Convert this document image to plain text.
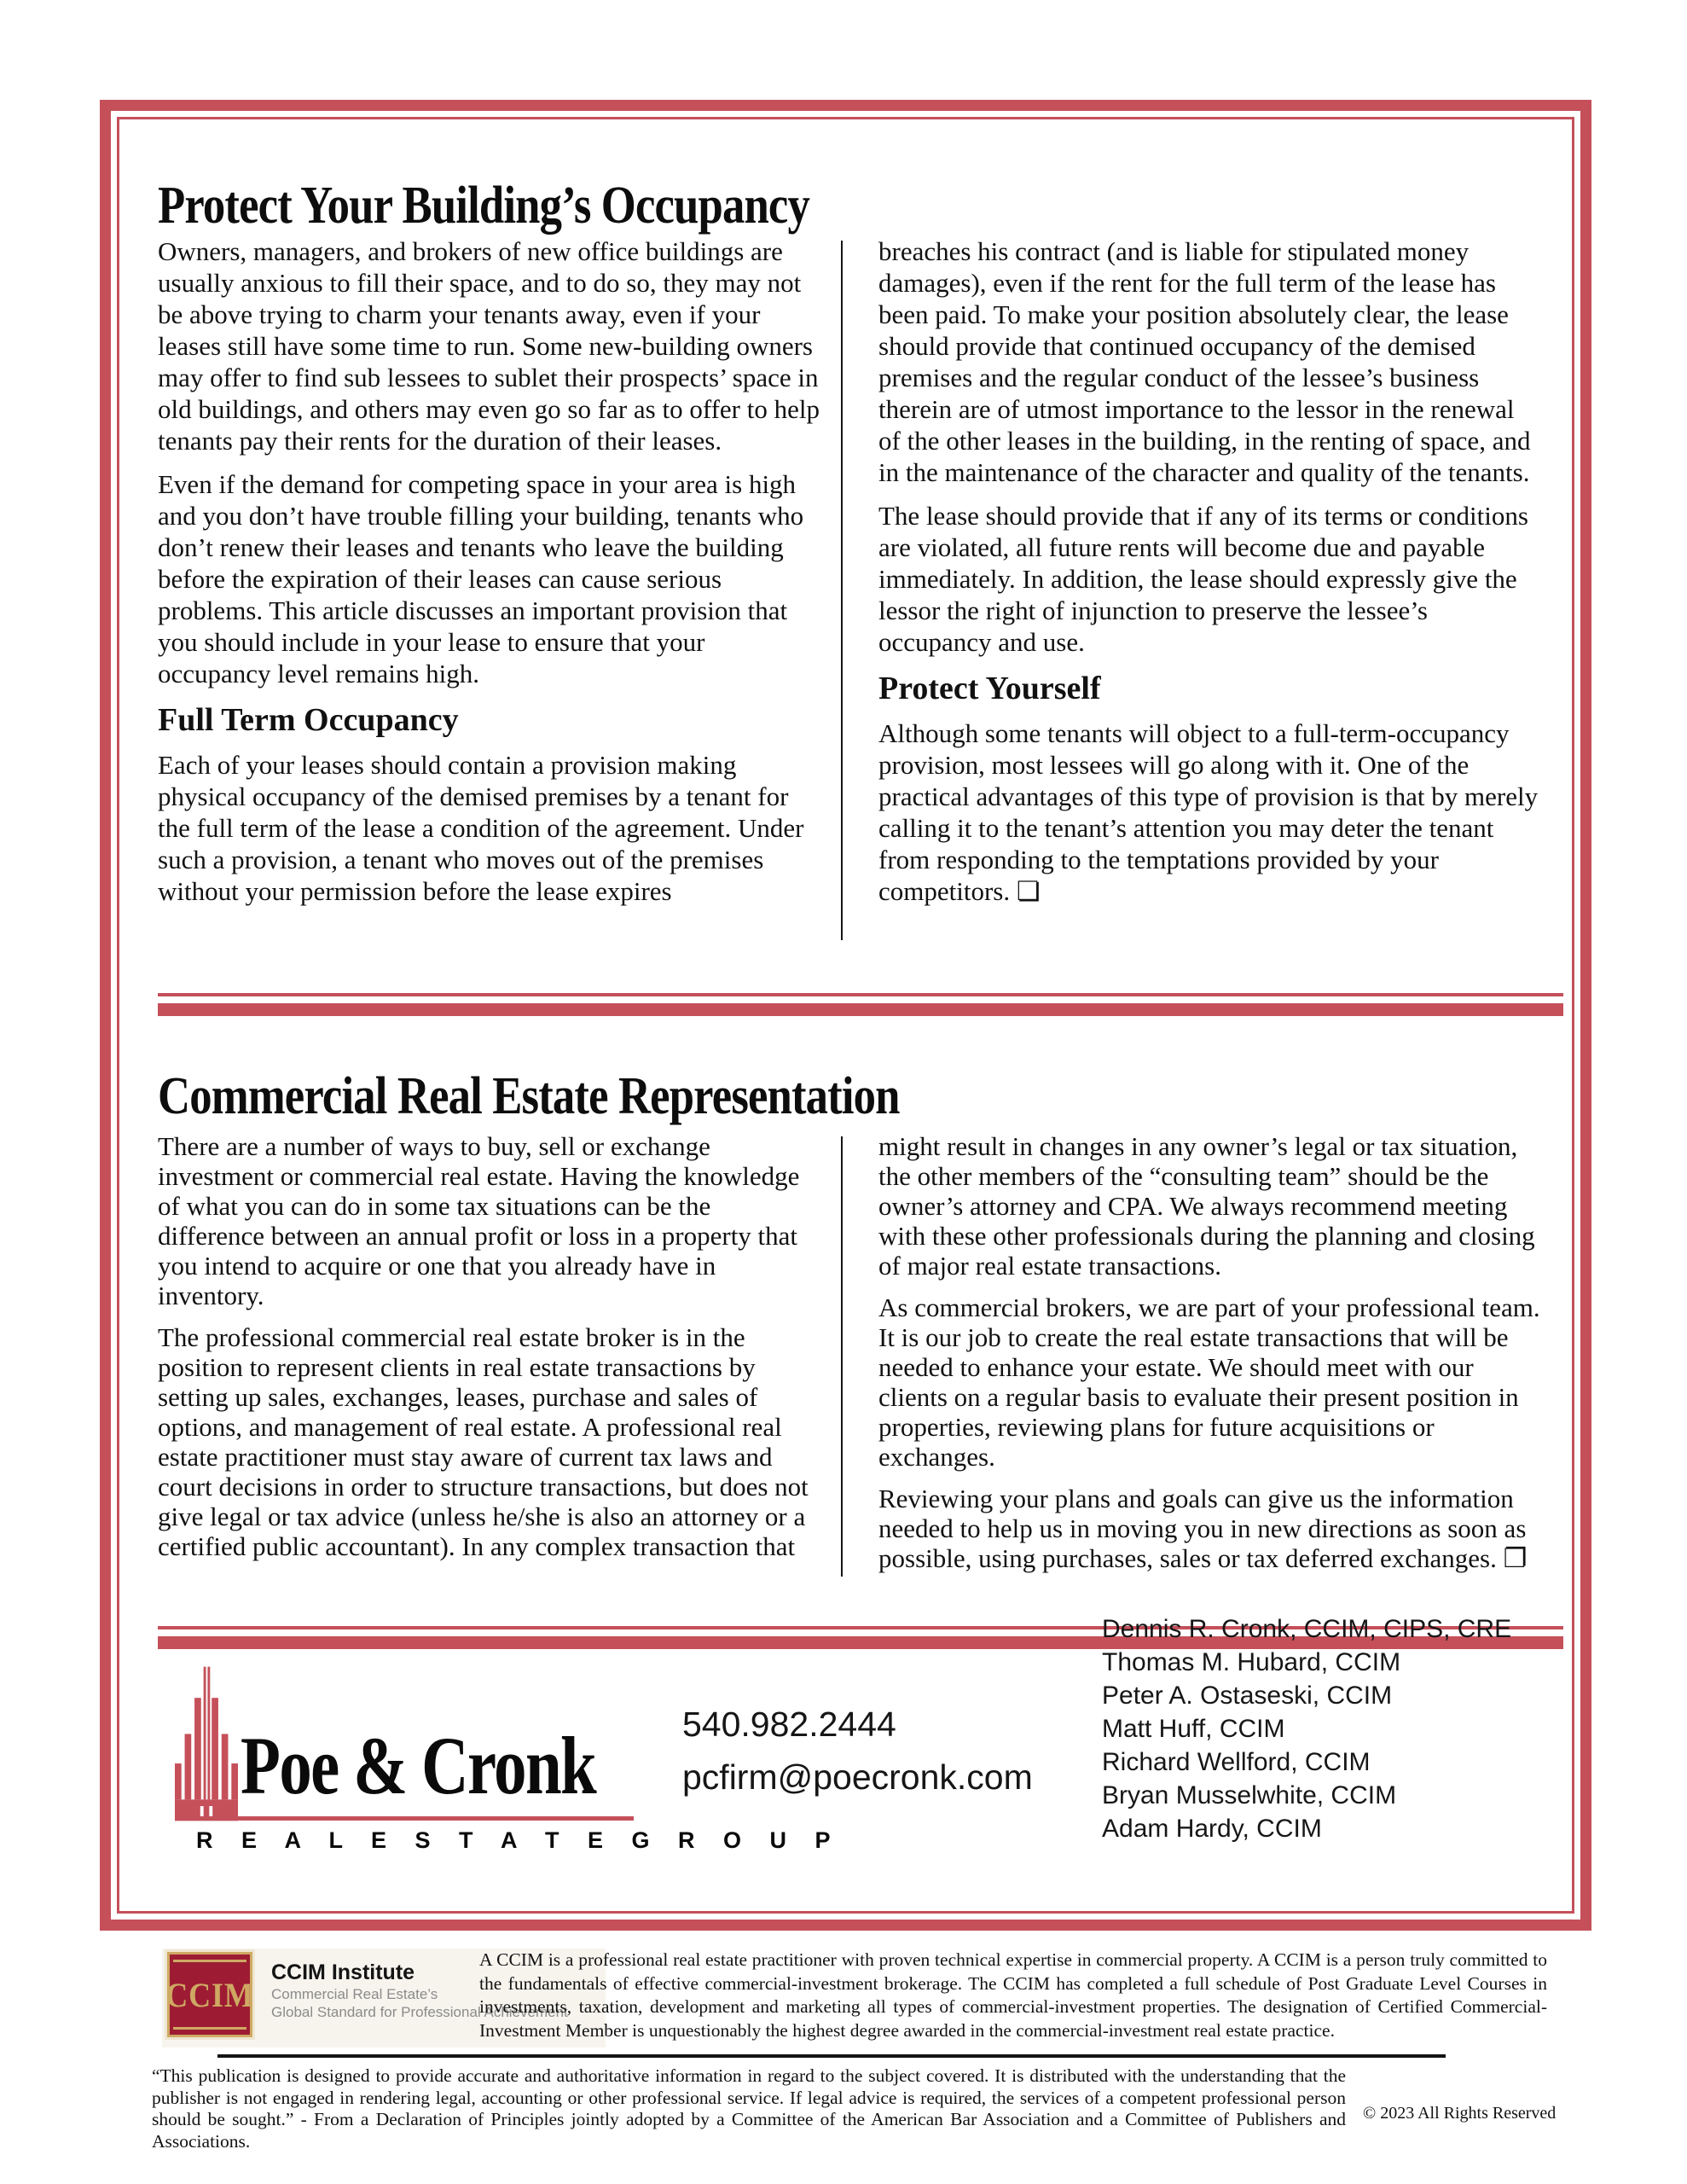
Protect Your Building’s Occupancy

Owners, managers, and brokers of new office buildings are usually anxious to fill their space, and to do so, they may not be above trying to charm your tenants away, even if your leases still have some time to run. Some new-building owners may offer to find sub lessees to sublet their prospects’ space in old buildings, and others may even go so far as to offer to help tenants pay their rents for the duration of their leases.

Even if the demand for competing space in your area is high and you don’t have trouble filling your building, tenants who don’t renew their leases and tenants who leave the building before the expiration of their leases can cause serious problems. This article discusses an important provision that you should include in your lease to ensure that your occupancy level remains high.

Full Term Occupancy

Each of your leases should contain a provision making physical occupancy of the demised premises by a tenant for the full term of the lease a condition of the agreement. Under such a provision, a tenant who moves out of the premises without your permission before the lease expires

breaches his contract (and is liable for stipulated money damages), even if the rent for the full term of the lease has been paid. To make your position absolutely clear, the lease should provide that continued occupancy of the demised premises and the regular conduct of the lessee’s business therein are of utmost importance to the lessor in the renewal of the other leases in the building, in the renting of space, and in the maintenance of the character and quality of the tenants.

The lease should provide that if any of its terms or conditions are violated, all future rents will become due and payable immediately. In addition, the lease should expressly give the lessor the right of injunction to preserve the lessee’s occupancy and use.

Protect Yourself

Although some tenants will object to a full-term-occupancy provision, most lessees will go along with it. One of the practical advantages of this type of provision is that by merely calling it to the tenant’s attention you may deter the tenant from responding to the temptations provided by your competitors. ❏

Commercial Real Estate Representation

There are a number of ways to buy, sell or exchange investment or commercial real estate. Having the knowledge of what you can do in some tax situations can be the difference between an annual profit or loss in a property that you intend to acquire or one that you already have in inventory.

The professional commercial real estate broker is in the position to represent clients in real estate transactions by setting up sales, exchanges, leases, purchase and sales of options, and management of real estate. A professional real estate practitioner must stay aware of current tax laws and court decisions in order to structure transactions, but does not give legal or tax advice (unless he/she is also an attorney or a certified public accountant). In any complex transaction that

might result in changes in any owner’s legal or tax situation, the other members of the “consulting team” should be the owner’s attorney and CPA. We always recommend meeting with these other professionals during the planning and closing of major real estate transactions.

As commercial brokers, we are part of your professional team. It is our job to create the real estate transactions that will be needed to enhance your estate. We should meet with our clients on a regular basis to evaluate their present position in properties, reviewing plans for future acquisitions or exchanges.

Reviewing your plans and goals can give us the information needed to help us in moving you in new directions as soon as possible, using purchases, sales or tax deferred exchanges. ❐

Poe & Cronk
R E A L E S T A T E G R O U P
540.982.2444
pcfirm@poecronk.com
Dennis R. Cronk, CCIM, CIPS, CRE
Thomas M. Hubard, CCIM
Peter A. Ostaseski, CCIM
Matt Huff, CCIM
Richard Wellford, CCIM
Bryan Musselwhite, CCIM
Adam Hardy, CCIM
CCIM
CCIM Institute
Commercial Real Estate’s
Global Standard for Professional Achievement
A CCIM is a professional real estate practitioner with proven technical expertise in commercial property. A CCIM is a person truly committed to the fundamentals of effective commercial-investment brokerage. The CCIM has completed a full schedule of Post Graduate Level Courses in investments, taxation, development and marketing all types of commercial-investment properties. The designation of Certified Commercial-Investment Member is unquestionably the highest degree awarded in the commercial-investment real estate practice.
“This publication is designed to provide accurate and authoritative information in regard to the subject covered. It is distributed with the understanding that the publisher is not engaged in rendering legal, accounting or other professional service. If legal advice is required, the services of a competent professional person should be sought.” - From a Declaration of Principles jointly adopted by a Committee of the American Bar Association and a Committee of Publishers and Associations.
© 2023 All Rights Reserved
